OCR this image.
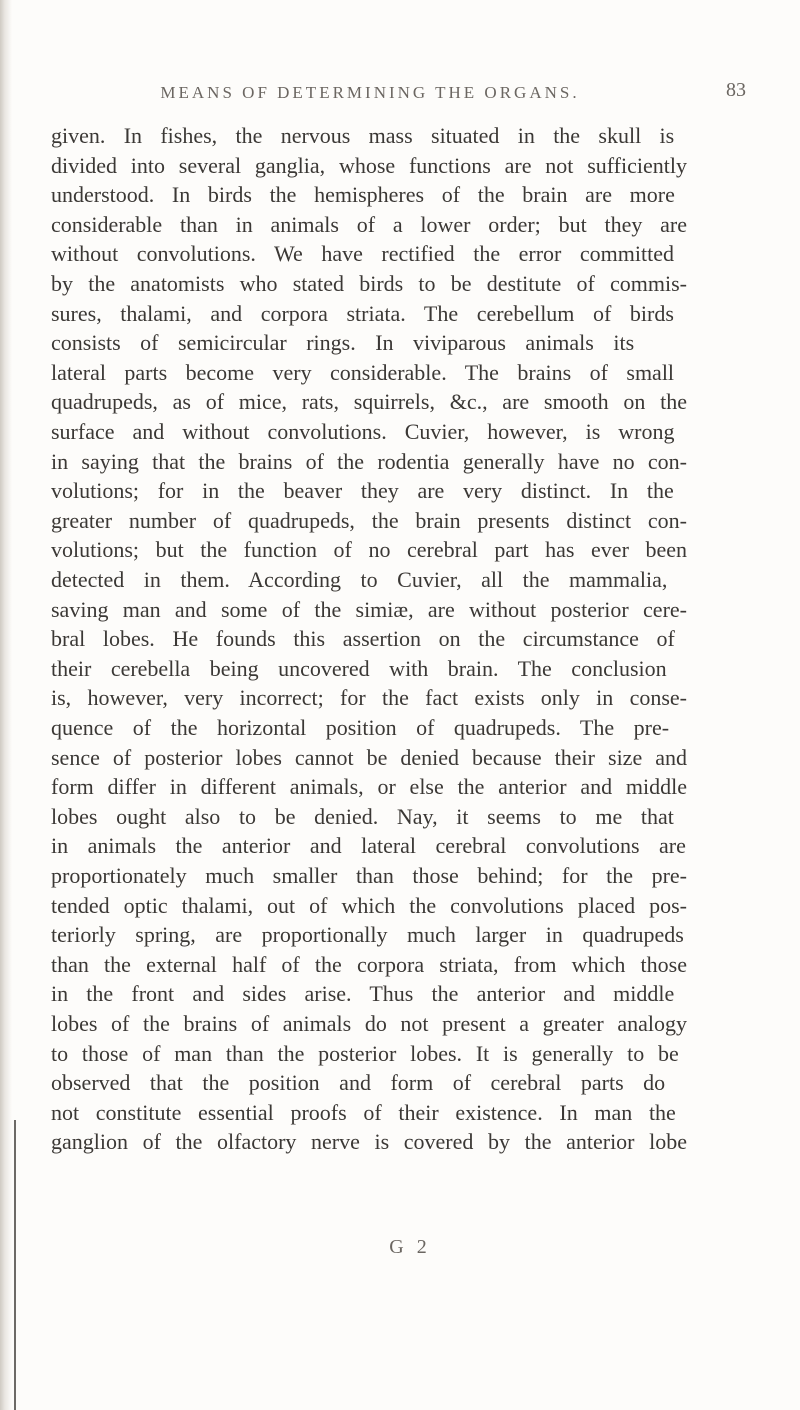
MEANS OF DETERMINING THE ORGANS.	83
given. In fishes, the nervous mass situated in the skull is
divided into several ganglia, whose functions are not sufficiently
understood. In birds the hemispheres of the brain are more
considerable than in animals of a lower order; but they are
without convolutions. We have rectified the error committed
by the anatomists who stated birds to be destitute of commis-
sures, thalami, and corpora striata. The cerebellum of birds
consists of semicircular rings. In viviparous animals its
lateral parts become very considerable. The brains of small
quadrupeds, as of mice, rats, squirrels, &c., are smooth on the
surface and without convolutions. Cuvier, however, is wrong
in saying that the brains of the rodentia generally have no con-
volutions; for in the beaver they are very distinct. In the
greater number of quadrupeds, the brain presents distinct con-
volutions; but the function of no cerebral part has ever been
detected in them. According to Cuvier, all the mammalia,
saving man and some of the simiæ, are without posterior cere-
bral lobes. He founds this assertion on the circumstance of
their cerebella being uncovered with brain. The conclusion
is, however, very incorrect; for the fact exists only in conse-
quence of the horizontal position of quadrupeds. The pre-
sence of posterior lobes cannot be denied because their size and
form differ in different animals, or else the anterior and middle
lobes ought also to be denied. Nay, it seems to me that
in animals the anterior and lateral cerebral convolutions are
proportionately much smaller than those behind; for the pre-
tended optic thalami, out of which the convolutions placed pos-
teriorly spring, are proportionally much larger in quadrupeds
than the external half of the corpora striata, from which those
in the front and sides arise. Thus the anterior and middle
lobes of the brains of animals do not present a greater analogy
to those of man than the posterior lobes. It is generally to be
observed that the position and form of cerebral parts do
not constitute essential proofs of their existence. In man the
ganglion of the olfactory nerve is covered by the anterior lobe
G 2
